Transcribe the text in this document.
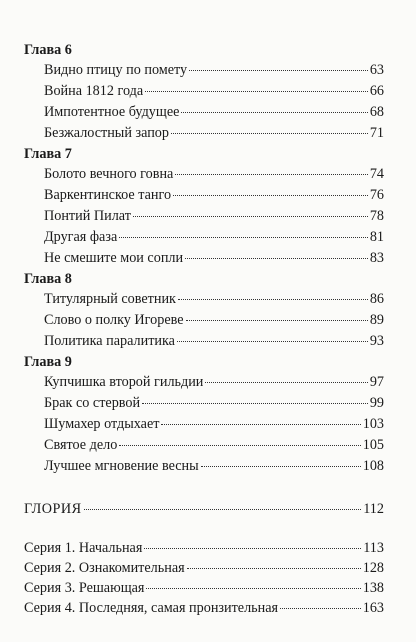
Глава 6
Видно птицу по помету	63
Война 1812 года	66
Импотентное будущее	68
Безжалостный запор	71
Глава 7
Болото вечного говна	74
Варкентинское танго	76
Понтий Пилат	78
Другая фаза	81
Не смешите мои сопли	83
Глава 8
Титулярный советник	86
Слово о полку Игореве	89
Политика паралитика	93
Глава 9
Купчишка второй гильдии	97
Брак со стервой	99
Шумахер отдыхает	103
Святое дело	105
Лучшее мгновение весны	108
ГЛОРИЯ	112
Серия 1. Начальная	113
Серия 2. Ознакомительная	128
Серия 3. Решающая	138
Серия 4. Последняя, самая пронзительная	163
